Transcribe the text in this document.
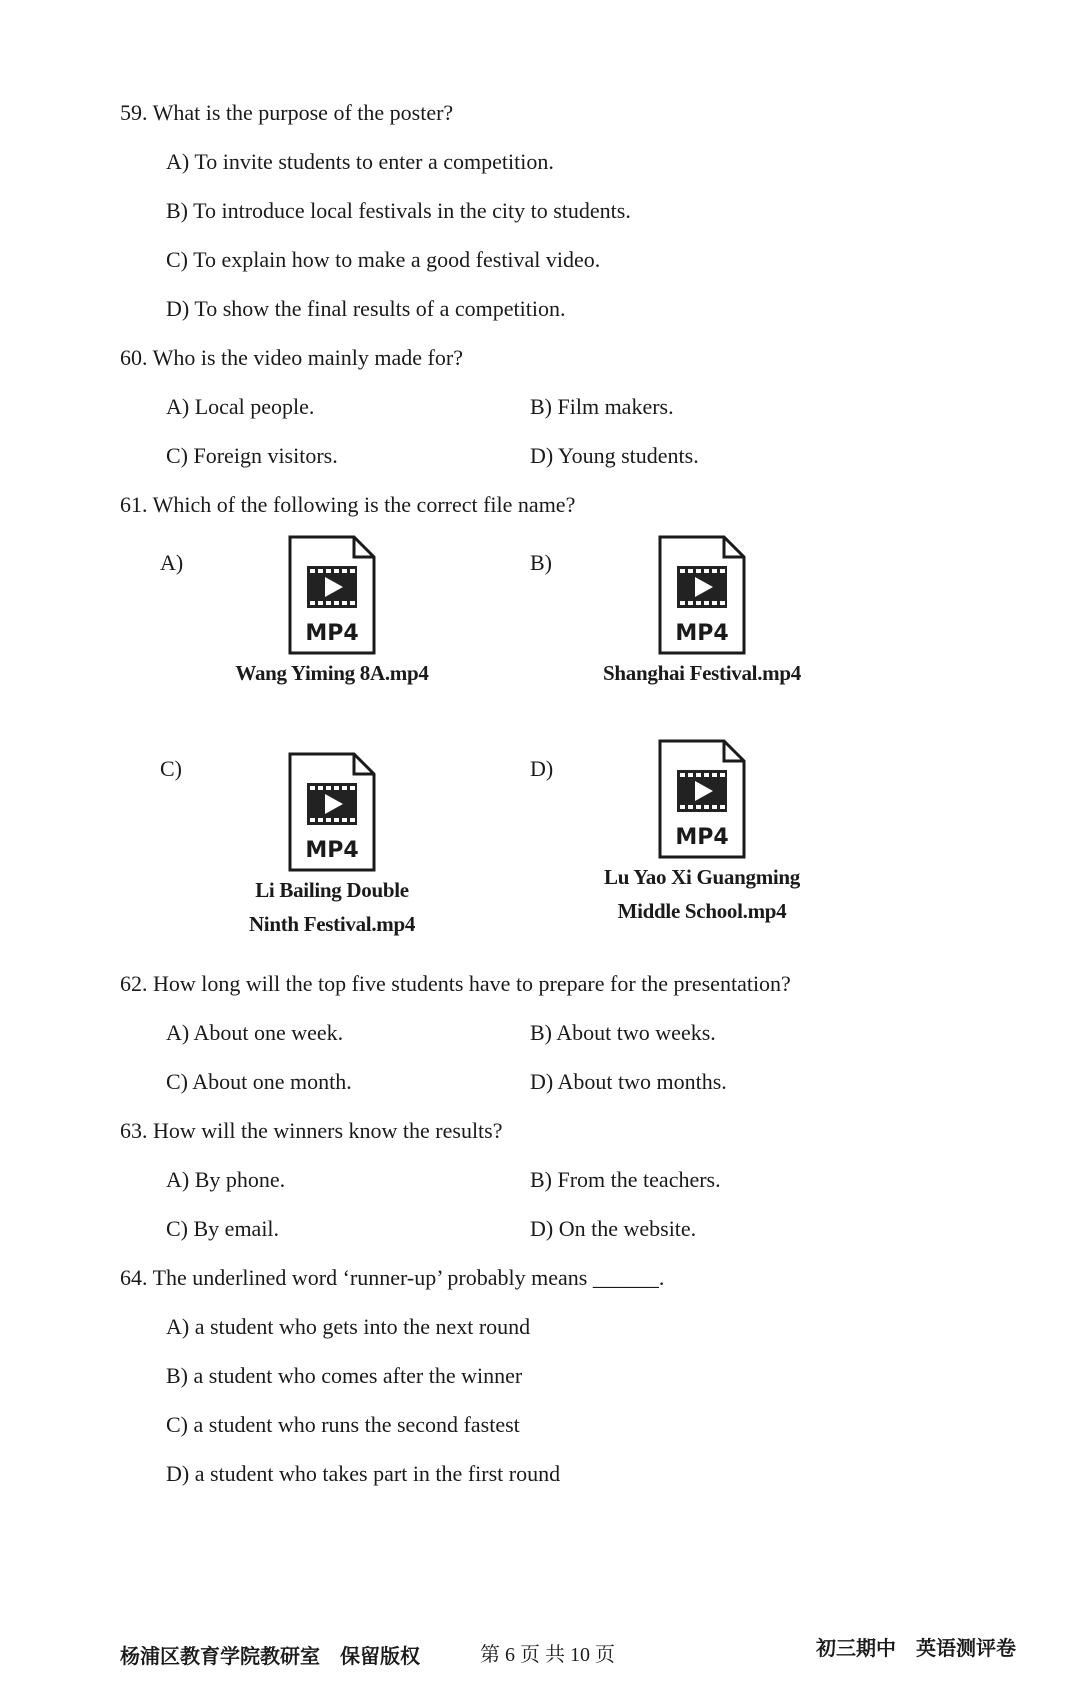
59. What is the purpose of the poster?
A) To invite students to enter a competition.
B) To introduce local festivals in the city to students.
C) To explain how to make a good festival video.
D) To show the final results of a competition.
60. Who is the video mainly made for?
A) Local people.	B) Film makers.
C) Foreign visitors.	D) Young students.
61. Which of the following is the correct file name?
A)
MP4
Wang Yiming 8A.mp4
B)
MP4
Shanghai Festival.mp4
C)
MP4
Li Bailing Double
Ninth Festival.mp4
D)
MP4
Lu Yao Xi Guangming
Middle School.mp4
62. How long will the top five students have to prepare for the presentation?
A) About one week.	B) About two weeks.
C) About one month.	D) About two months.
63. How will the winners know the results?
A) By phone.	B) From the teachers.
C) By email.	D) On the website.
64. The underlined word ‘runner-up’ probably means ______.
A) a student who gets into the next round
B) a student who comes after the winner
C) a student who runs the second fastest
D) a student who takes part in the first round
杨浦区教育学院教研室　保留版权	第 6 页 共 10 页	初三期中　英语测评卷
